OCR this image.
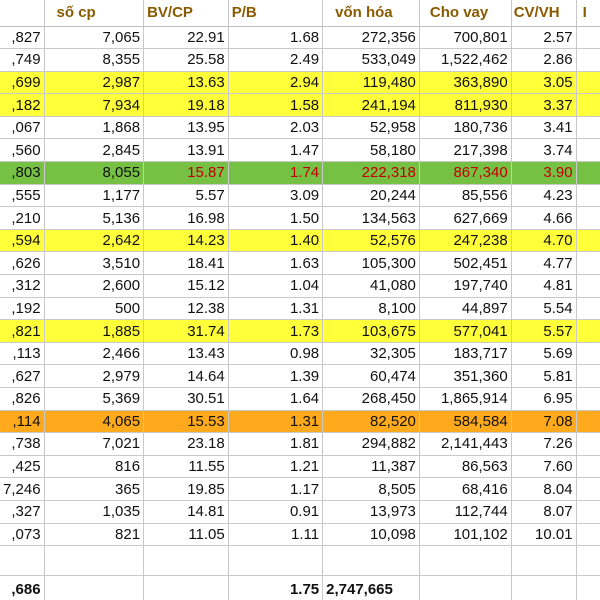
	số cp	BV/CP	P/B	vốn hóa	Cho vay	CV/VH	I
,827	7,065	22.91	1.68	272,356	700,801	2.57	
,749	8,355	25.58	2.49	533,049	1,522,462	2.86	
,699	2,987	13.63	2.94	119,480	363,890	3.05	
,182	7,934	19.18	1.58	241,194	811,930	3.37	
,067	1,868	13.95	2.03	52,958	180,736	3.41	
,560	2,845	13.91	1.47	58,180	217,398	3.74	
,803	8,055	15.87	1.74	222,318	867,340	3.90	
,555	1,177	5.57	3.09	20,244	85,556	4.23	
,210	5,136	16.98	1.50	134,563	627,669	4.66	
,594	2,642	14.23	1.40	52,576	247,238	4.70	
,626	3,510	18.41	1.63	105,300	502,451	4.77	
,312	2,600	15.12	1.04	41,080	197,740	4.81	
,192	500	12.38	1.31	8,100	44,897	5.54	
,821	1,885	31.74	1.73	103,675	577,041	5.57	
,113	2,466	13.43	0.98	32,305	183,717	5.69	
,627	2,979	14.64	1.39	60,474	351,360	5.81	
,826	5,369	30.51	1.64	268,450	1,865,914	6.95	
,114	4,065	15.53	1.31	82,520	584,584	7.08	
,738	7,021	23.18	1.81	294,882	2,141,443	7.26	
,425	816	11.55	1.21	11,387	86,563	7.60	
7,246	365	19.85	1.17	8,505	68,416	8.04	
,327	1,035	14.81	0.91	13,973	112,744	8.07	
,073	821	11.05	1.11	10,098	101,102	10.01	

,686			1.75	2,747,665			
